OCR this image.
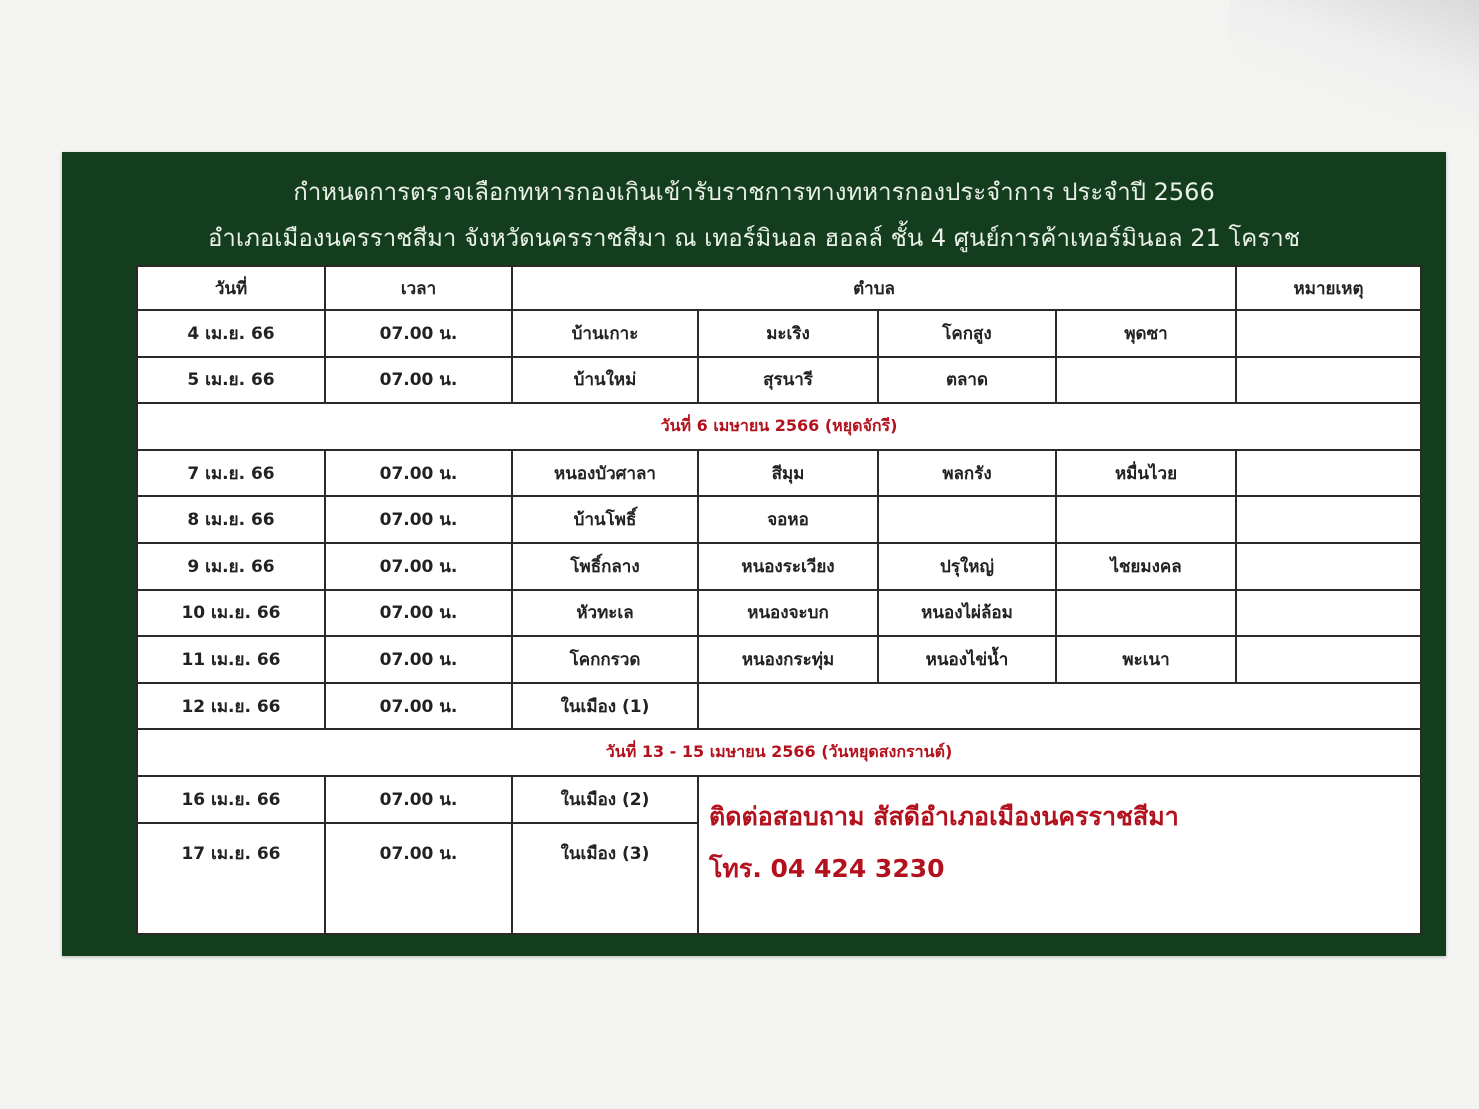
กำหนดการตรวจเลือกทหารกองเกินเข้ารับราชการทางทหารกองประจำการ ประจำปี 2566
อำเภอเมืองนครราชสีมา จังหวัดนครราชสีมา ณ เทอร์มินอล ฮอลล์ ชั้น 4 ศูนย์การค้าเทอร์มินอล 21 โคราช
วันที่	เวลา	ตำบล				หมายเหตุ
4 เม.ย. 66	07.00 น.	บ้านเกาะ	มะเริง	โคกสูง	พุดซา	
5 เม.ย. 66	07.00 น.	บ้านใหม่	สุรนารี	ตลาด		
วันที่ 6 เมษายน 2566 (หยุดจักรี)						
7 เม.ย. 66	07.00 น.	หนองบัวศาลา	สีมุม	พลกรัง	หมื่นไวย	
8 เม.ย. 66	07.00 น.	บ้านโพธิ์	จอหอ			
9 เม.ย. 66	07.00 น.	โพธิ์กลาง	หนองระเวียง	ปรุใหญ่	ไชยมงคล	
10 เม.ย. 66	07.00 น.	หัวทะเล	หนองจะบก	หนองไผ่ล้อม		
11 เม.ย. 66	07.00 น.	โคกกรวด	หนองกระทุ่ม	หนองไข่น้ำ	พะเนา	
12 เม.ย. 66	07.00 น.	ในเมือง (1)				
วันที่ 13 - 15 เมษายน 2566 (วันหยุดสงกรานต์)						
16 เม.ย. 66	07.00 น.	ในเมือง (2)	ติดต่อสอบถาม สัสดีอำเภอเมืองนครราชสีมา
โทร. 04 424 3230			

17 เม.ย. 66	07.00 น.	ในเมือง (3)				
